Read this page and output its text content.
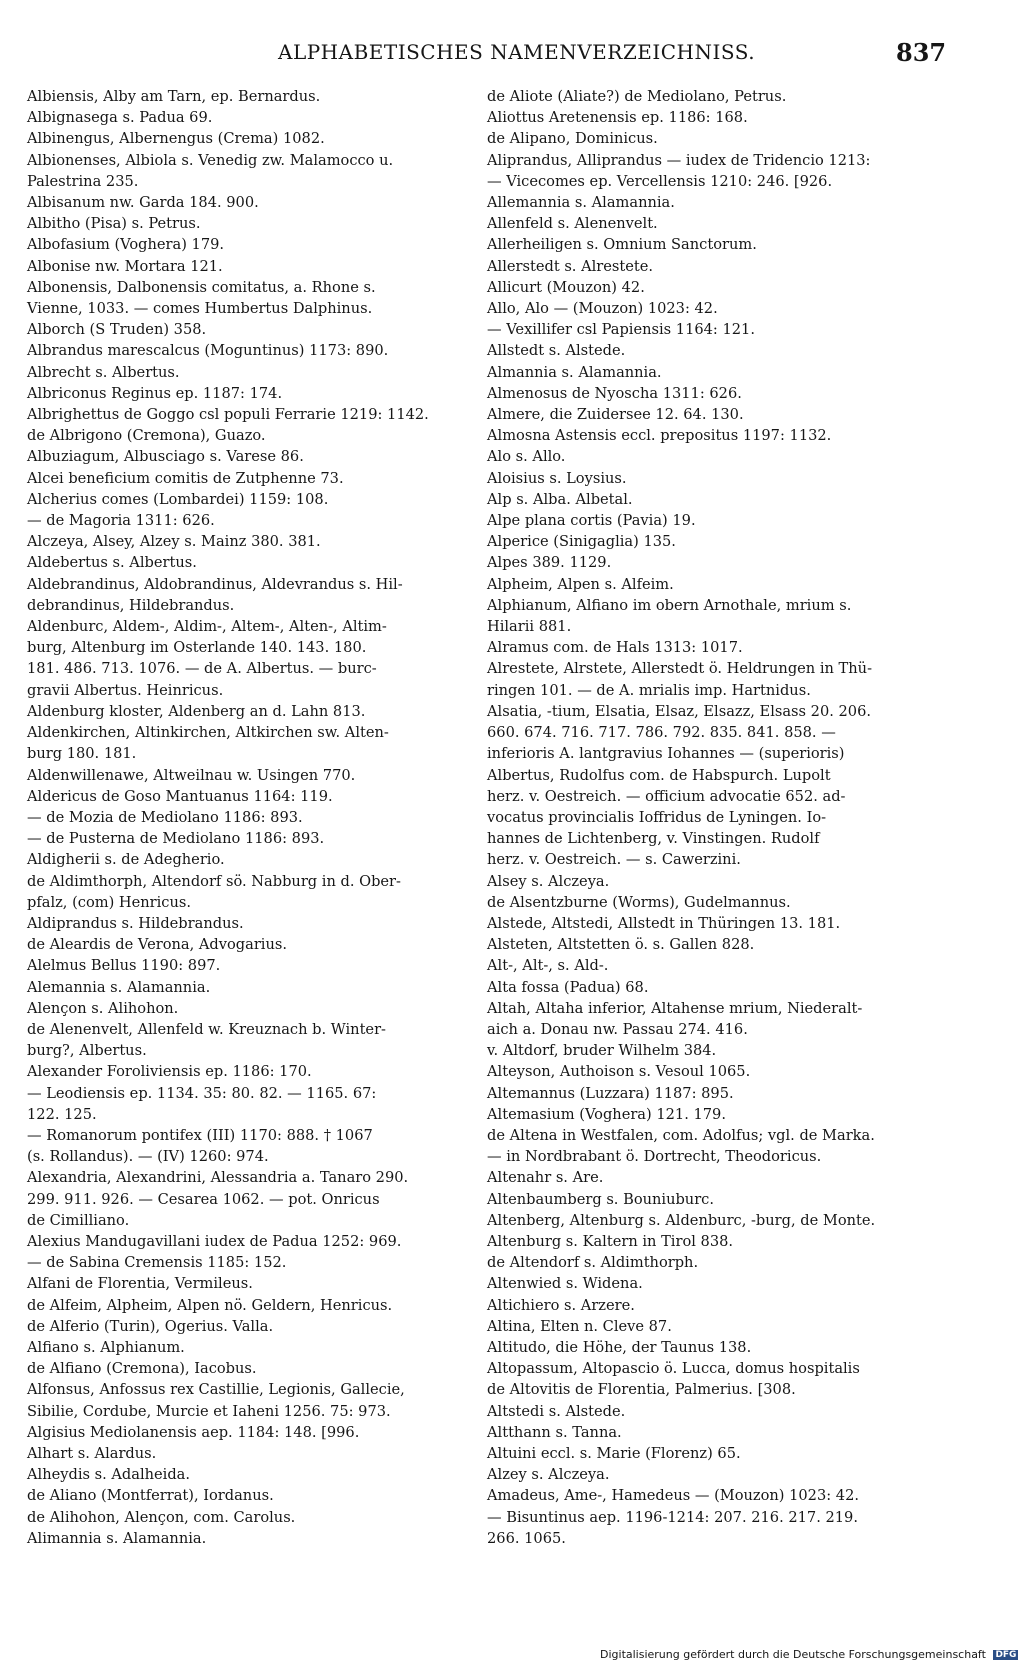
ALPHABETISCHES NAMENVERZEICHNISS.	837
Albiensis, Alby am Tarn, ep. Bernardus.
Albignasega s. Padua 69.
Albinengus, Albernengus (Crema) 1082.
Albionenses, Albiola s. Venedig zw. Malamocco u.
Palestrina 235.
Albisanum nw. Garda 184. 900.
Albitho (Pisa) s. Petrus.
Albofasium (Voghera) 179.
Albonise nw. Mortara 121.
Albonensis, Dalbonensis comitatus, a. Rhone s.
Vienne, 1033. — comes Humbertus Dalphinus.
Alborch (S Truden) 358.
Albrandus marescalcus (Moguntinus) 1173: 890.
Albrecht s. Albertus.
Albriconus Reginus ep. 1187: 174.
Albrighettus de Goggo csl populi Ferrarie 1219: 1142.
de Albrigono (Cremona), Guazo.
Albuziagum, Albusciago s. Varese 86.
Alcei beneficium comitis de Zutphenne 73.
Alcherius comes (Lombardei) 1159: 108.
— de Magoria 1311: 626.
Alczeya, Alsey, Alzey s. Mainz 380. 381.
Aldebertus s. Albertus.
Aldebrandinus, Aldobrandinus, Aldevrandus s. Hil-
debrandinus, Hildebrandus.
Aldenburc, Aldem-, Aldim-, Altem-, Alten-, Altim-
burg, Altenburg im Osterlande 140. 143. 180.
181. 486. 713. 1076. — de A. Albertus. — burc-
gravii Albertus. Heinricus.
Aldenburg kloster, Aldenberg an d. Lahn 813.
Aldenkirchen, Altinkirchen, Altkirchen sw. Alten-
burg 180. 181.
Aldenwillenawe, Altweilnau w. Usingen 770.
Aldericus de Goso Mantuanus 1164: 119.
— de Mozia de Mediolano 1186: 893.
— de Pusterna de Mediolano 1186: 893.
Aldigherii s. de Adegherio.
de Aldimthorph, Altendorf sö. Nabburg in d. Ober-
pfalz, (com) Henricus.
Aldiprandus s. Hildebrandus.
de Aleardis de Verona, Advogarius.
Alelmus Bellus 1190: 897.
Alemannia s. Alamannia.
Alençon s. Alihohon.
de Alenenvelt, Allenfeld w. Kreuznach b. Winter-
burg?, Albertus.
Alexander Foroliviensis ep. 1186: 170.
— Leodiensis ep. 1134. 35: 80. 82. — 1165. 67:
122. 125.
— Romanorum pontifex (III) 1170: 888. † 1067
(s. Rollandus). — (IV) 1260: 974.
Alexandria, Alexandrini, Alessandria a. Tanaro 290.
299. 911. 926. — Cesarea 1062. — pot. Onricus
de Cimilliano.
Alexius Mandugavillani iudex de Padua 1252: 969.
— de Sabina Cremensis 1185: 152.
Alfani de Florentia, Vermileus.
de Alfeim, Alpheim, Alpen nö. Geldern, Henricus.
de Alferio (Turin), Ogerius. Valla.
Alfiano s. Alphianum.
de Alfiano (Cremona), Iacobus.
Alfonsus, Anfossus rex Castillie, Legionis, Gallecie,
Sibilie, Cordube, Murcie et Iaheni 1256. 75: 973.
Algisius Mediolanensis aep. 1184: 148. [996.
Alhart s. Alardus.
Alheydis s. Adalheida.
de Aliano (Montferrat), Iordanus.
de Alihohon, Alençon, com. Carolus.
Alimannia s. Alamannia.
de Aliote (Aliate?) de Mediolano, Petrus.
Aliottus Aretenensis ep. 1186: 168.
de Alipano, Dominicus.
Aliprandus, Alliprandus — iudex de Tridencio 1213:
— Vicecomes ep. Vercellensis 1210: 246. [926.
Allemannia s. Alamannia.
Allenfeld s. Alenenvelt.
Allerheiligen s. Omnium Sanctorum.
Allerstedt s. Alrestete.
Allicurt (Mouzon) 42.
Allo, Alo — (Mouzon) 1023: 42.
— Vexillifer csl Papiensis 1164: 121.
Allstedt s. Alstede.
Almannia s. Alamannia.
Almenosus de Nyoscha 1311: 626.
Almere, die Zuidersee 12. 64. 130.
Almosna Astensis eccl. prepositus 1197: 1132.
Alo s. Allo.
Aloisius s. Loysius.
Alp s. Alba. Albetal.
Alpe plana cortis (Pavia) 19.
Alperice (Sinigaglia) 135.
Alpes 389. 1129.
Alpheim, Alpen s. Alfeim.
Alphianum, Alfiano im obern Arnothale, mrium s.
Hilarii 881.
Alramus com. de Hals 1313: 1017.
Alrestete, Alrstete, Allerstedt ö. Heldrungen in Thü-
ringen 101. — de A. mrialis imp. Hartnidus.
Alsatia, -tium, Elsatia, Elsaz, Elsazz, Elsass 20. 206.
660. 674. 716. 717. 786. 792. 835. 841. 858. —
inferioris A. lantgravius Iohannes — (superioris)
Albertus, Rudolfus com. de Habspurch. Lupolt
herz. v. Oestreich. — officium advocatie 652. ad-
vocatus provincialis Ioffridus de Lyningen. Io-
hannes de Lichtenberg, v. Vinstingen. Rudolf
herz. v. Oestreich. — s. Cawerzini.
Alsey s. Alczeya.
de Alsentzburne (Worms), Gudelmannus.
Alstede, Altstedi, Allstedt in Thüringen 13. 181.
Alsteten, Altstetten ö. s. Gallen 828.
Alt-, Alt-, s. Ald-.
Alta fossa (Padua) 68.
Altah, Altaha inferior, Altahense mrium, Niederalt-
aich a. Donau nw. Passau 274. 416.
v. Altdorf, bruder Wilhelm 384.
Alteyson, Authoison s. Vesoul 1065.
Altemannus (Luzzara) 1187: 895.
Altemasium (Voghera) 121. 179.
de Altena in Westfalen, com. Adolfus; vgl. de Marka.
— in Nordbrabant ö. Dortrecht, Theodoricus.
Altenahr s. Are.
Altenbaumberg s. Bouniuburc.
Altenberg, Altenburg s. Aldenburc, -burg, de Monte.
Altenburg s. Kaltern in Tirol 838.
de Altendorf s. Aldimthorph.
Altenwied s. Widena.
Altichiero s. Arzere.
Altina, Elten n. Cleve 87.
Altitudo, die Höhe, der Taunus 138.
Altopassum, Altopascio ö. Lucca, domus hospitalis
de Altovitis de Florentia, Palmerius. [308.
Altstedi s. Alstede.
Altthann s. Tanna.
Altuini eccl. s. Marie (Florenz) 65.
Alzey s. Alczeya.
Amadeus, Ame-, Hamedeus — (Mouzon) 1023: 42.
— Bisuntinus aep. 1196-1214: 207. 216. 217. 219.
266. 1065.
Digitalisierung gefördert durch die Deutsche Forschungsgemeinschaft DFG
